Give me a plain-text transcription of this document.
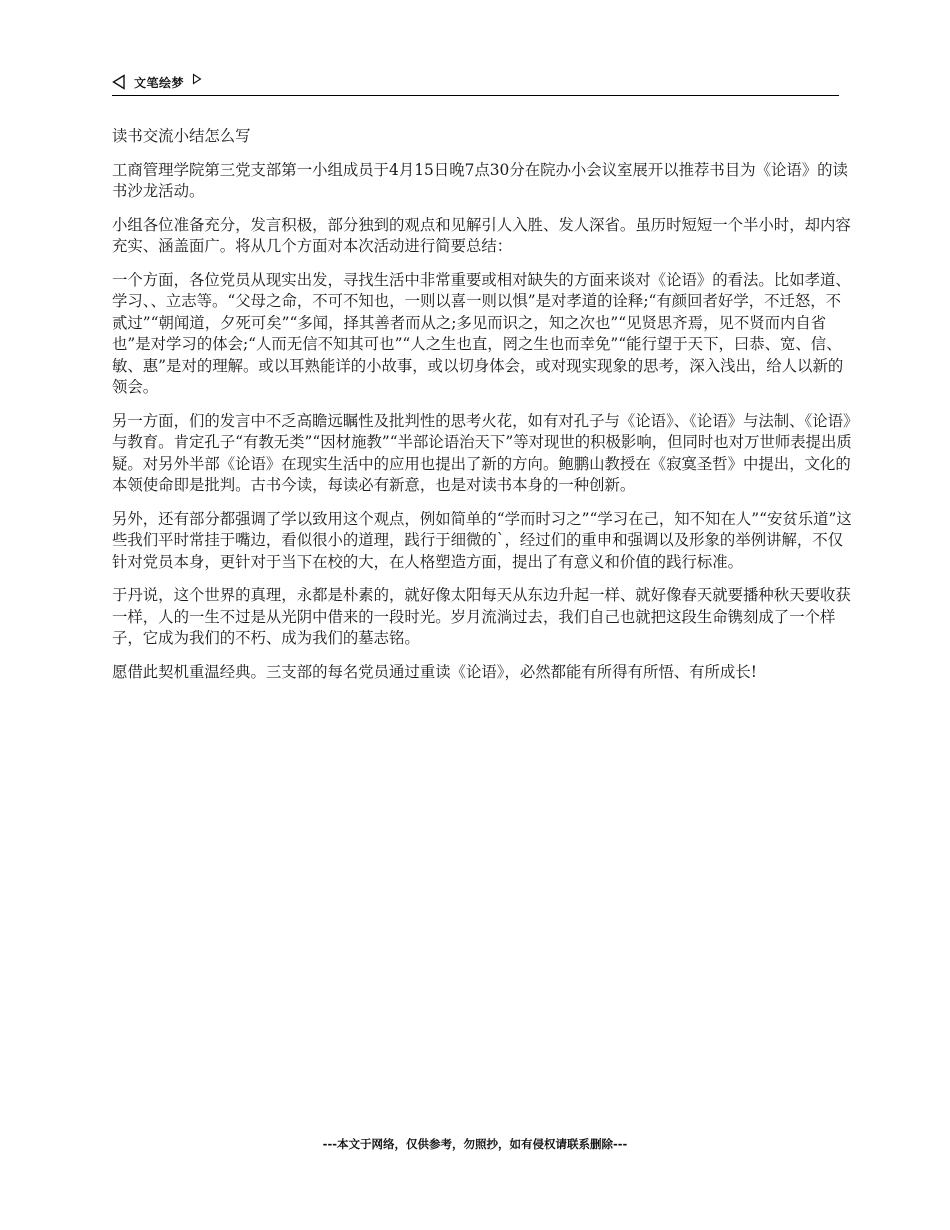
文笔绘梦

读书交流小结怎么写

工商管理学院第三党支部第一小组成员于4月15日晚7点30分在院办小会议室展开以推荐书目为《论语》的读书沙龙活动。

小组各位准备充分，发言积极，部分独到的观点和见解引人入胜、发人深省。虽历时短短一个半小时，却内容充实、涵盖面广。将从几个方面对本次活动进行简要总结：

一个方面，各位党员从现实出发，寻找生活中非常重要或相对缺失的方面来谈对《论语》的看法。比如孝道、学习、、立志等。“父母之命，不可不知也，一则以喜一则以惧”是对孝道的诠释;“有颜回者好学，不迁怒，不贰过”“朝闻道，夕死可矣”“多闻，择其善者而从之;多见而识之，知之次也”“见贤思齐焉，见不贤而内自省也”是对学习的体会;“人而无信不知其可也”“人之生也直，罔之生也而幸免”“能行望于天下，曰恭、宽、信、敏、惠”是对的理解。或以耳熟能详的小故事，或以切身体会，或对现实现象的思考，深入浅出，给人以新的领会。

另一方面，们的发言中不乏高瞻远瞩性及批判性的思考火花，如有对孔子与《论语》、《论语》与法制、《论语》与教育。肯定孔子“有教无类”“因材施教”“半部论语治天下”等对现世的积极影响，但同时也对万世师表提出质疑。对另外半部《论语》在现实生活中的应用也提出了新的方向。鲍鹏山教授在《寂寞圣哲》中提出，文化的本领使命即是批判。古书今读，每读必有新意，也是对读书本身的一种创新。

另外，还有部分都强调了学以致用这个观点，例如简单的“学而时习之”“学习在己，知不知在人”“安贫乐道”这些我们平时常挂于嘴边，看似很小的道理，践行于细微的`，经过们的重申和强调以及形象的举例讲解，不仅针对党员本身，更针对于当下在校的大，在人格塑造方面，提出了有意义和价值的践行标准。

于丹说，这个世界的真理，永都是朴素的，就好像太阳每天从东边升起一样、就好像春天就要播种秋天要收获一样，人的一生不过是从光阴中借来的一段时光。岁月流淌过去，我们自己也就把这段生命镌刻成了一个样子，它成为我们的不朽、成为我们的墓志铭。

愿借此契机重温经典。三支部的每名党员通过重读《论语》，必然都能有所得有所悟、有所成长!

---本文于网络，仅供参考，勿照抄，如有侵权请联系删除---
